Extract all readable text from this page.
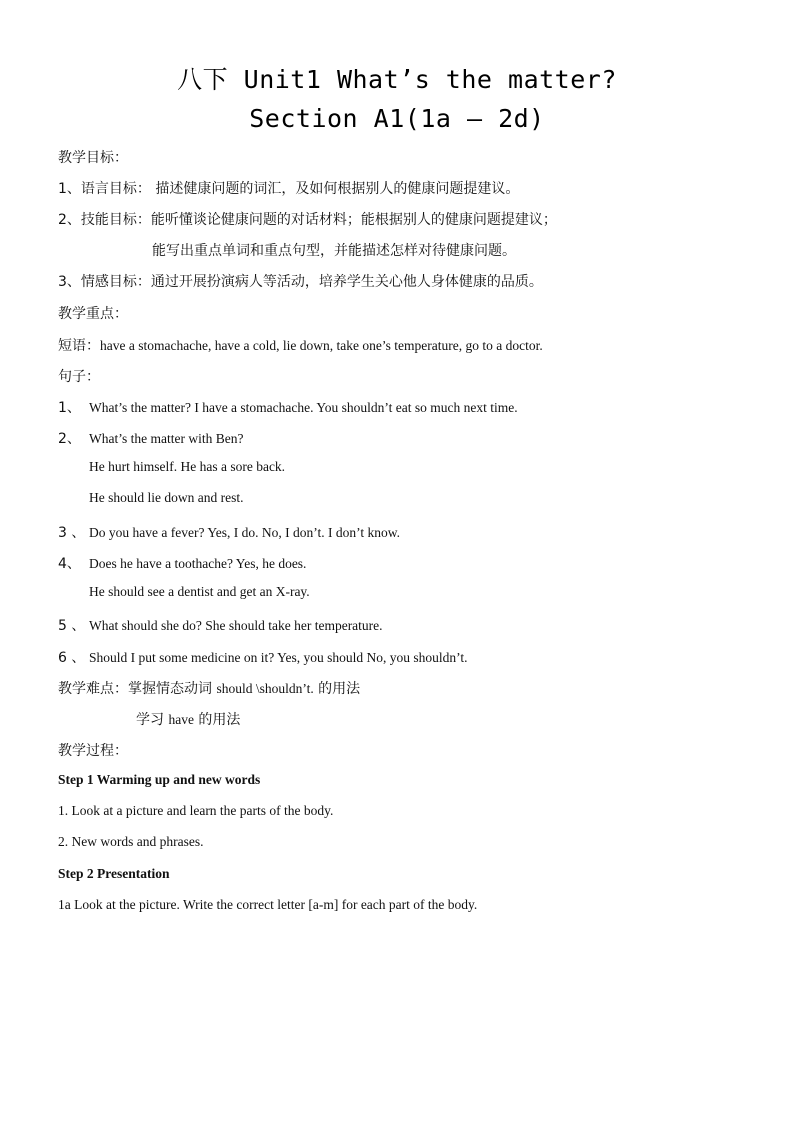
八下 Unit1 What’s the matter?
Section A1(1a – 2d)
教学目标：
1、语言目标： 描述健康问题的词汇，及如何根据别人的健康问题提建议。
2、技能目标：能听懂谈论健康问题的对话材料；能根据别人的健康问题提建议；
能写出重点单词和重点句型，并能描述怎样对待健康问题。
3、情感目标：通过开展扮演病人等活动，培养学生关心他人身体健康的品质。
教学重点：
短语：have a stomachache, have a cold, lie down, take one’s temperature, go to a doctor.
句子：
1、 What’s the matter? I have a stomachache. You shouldn’t eat so much next time.
2、 What’s the matter with Ben?
He hurt himself. He has a sore back.
He should lie down and rest.
3 、 Do you have a fever? Yes, I do. No, I don’t. I don’t know.
4、 Does he have a toothache? Yes, he does.
He should see a dentist and get an X-ray.
5 、 What should she do? She should take her temperature.
6 、 Should I put some medicine on it? Yes, you should No, you shouldn’t.
教学难点：掌握情态动词 should \shouldn’t. 的用法
学习 have 的用法
教学过程：
Step 1 Warming up and new words
1. Look at a picture and learn the parts of the body.
2. New words and phrases.
Step 2 Presentation
1a Look at the picture. Write the correct letter [a-m] for each part of the body.
